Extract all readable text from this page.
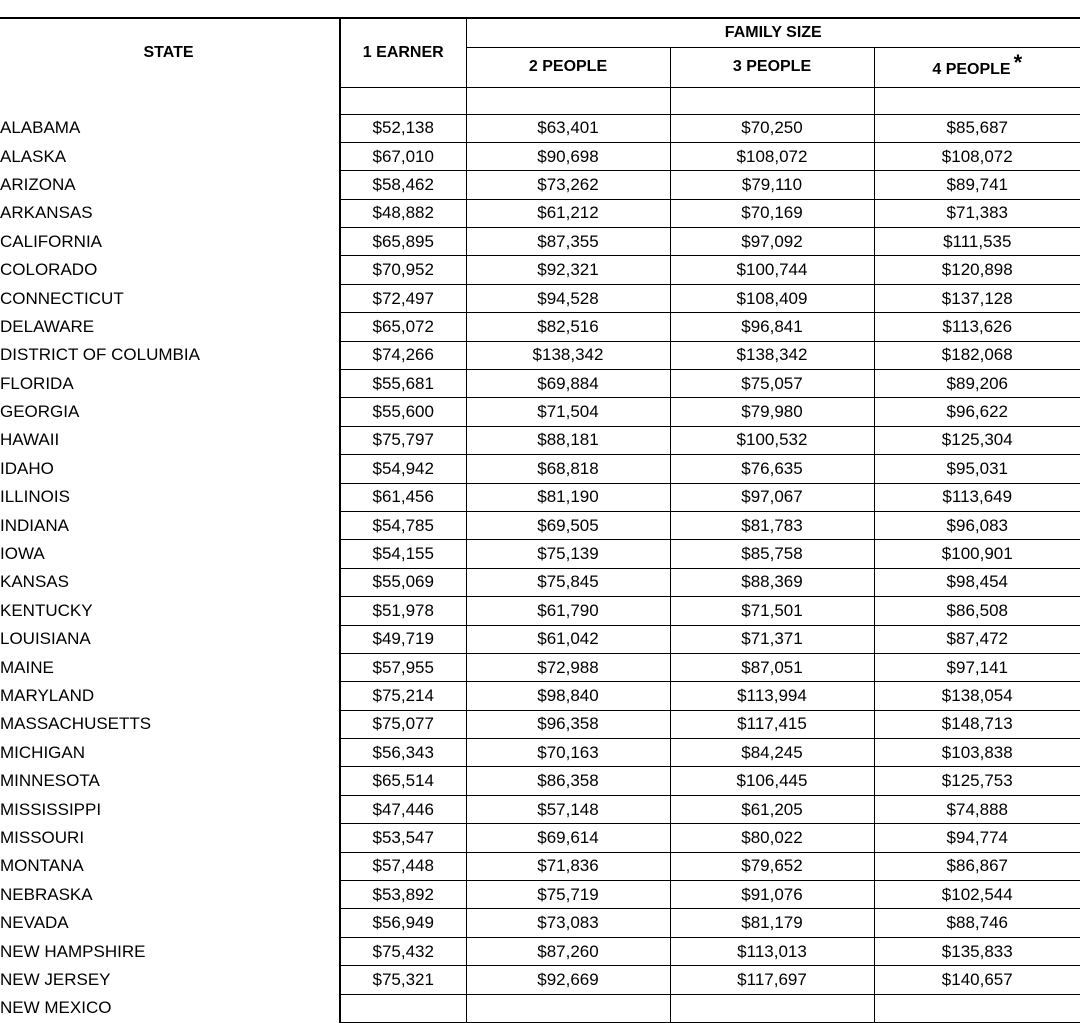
STATE	1 EARNER	FAMILY SIZE		
		2 PEOPLE	3 PEOPLE	4 PEOPLE *

ALABAMA	$52,138	$63,401	$70,250	$85,687
ALASKA	$67,010	$90,698	$108,072	$108,072
ARIZONA	$58,462	$73,262	$79,110	$89,741
ARKANSAS	$48,882	$61,212	$70,169	$71,383
CALIFORNIA	$65,895	$87,355	$97,092	$111,535
COLORADO	$70,952	$92,321	$100,744	$120,898
CONNECTICUT	$72,497	$94,528	$108,409	$137,128
DELAWARE	$65,072	$82,516	$96,841	$113,626
DISTRICT OF COLUMBIA	$74,266	$138,342	$138,342	$182,068
FLORIDA	$55,681	$69,884	$75,057	$89,206
GEORGIA	$55,600	$71,504	$79,980	$96,622
HAWAII	$75,797	$88,181	$100,532	$125,304
IDAHO	$54,942	$68,818	$76,635	$95,031
ILLINOIS	$61,456	$81,190	$97,067	$113,649
INDIANA	$54,785	$69,505	$81,783	$96,083
IOWA	$54,155	$75,139	$85,758	$100,901
KANSAS	$55,069	$75,845	$88,369	$98,454
KENTUCKY	$51,978	$61,790	$71,501	$86,508
LOUISIANA	$49,719	$61,042	$71,371	$87,472
MAINE	$57,955	$72,988	$87,051	$97,141
MARYLAND	$75,214	$98,840	$113,994	$138,054
MASSACHUSETTS	$75,077	$96,358	$117,415	$148,713
MICHIGAN	$56,343	$70,163	$84,245	$103,838
MINNESOTA	$65,514	$86,358	$106,445	$125,753
MISSISSIPPI	$47,446	$57,148	$61,205	$74,888
MISSOURI	$53,547	$69,614	$80,022	$94,774
MONTANA	$57,448	$71,836	$79,652	$86,867
NEBRASKA	$53,892	$75,719	$91,076	$102,544
NEVADA	$56,949	$73,083	$81,179	$88,746
NEW HAMPSHIRE	$75,432	$87,260	$113,013	$135,833
NEW JERSEY	$75,321	$92,669	$117,697	$140,657
NEW MEXICO				
